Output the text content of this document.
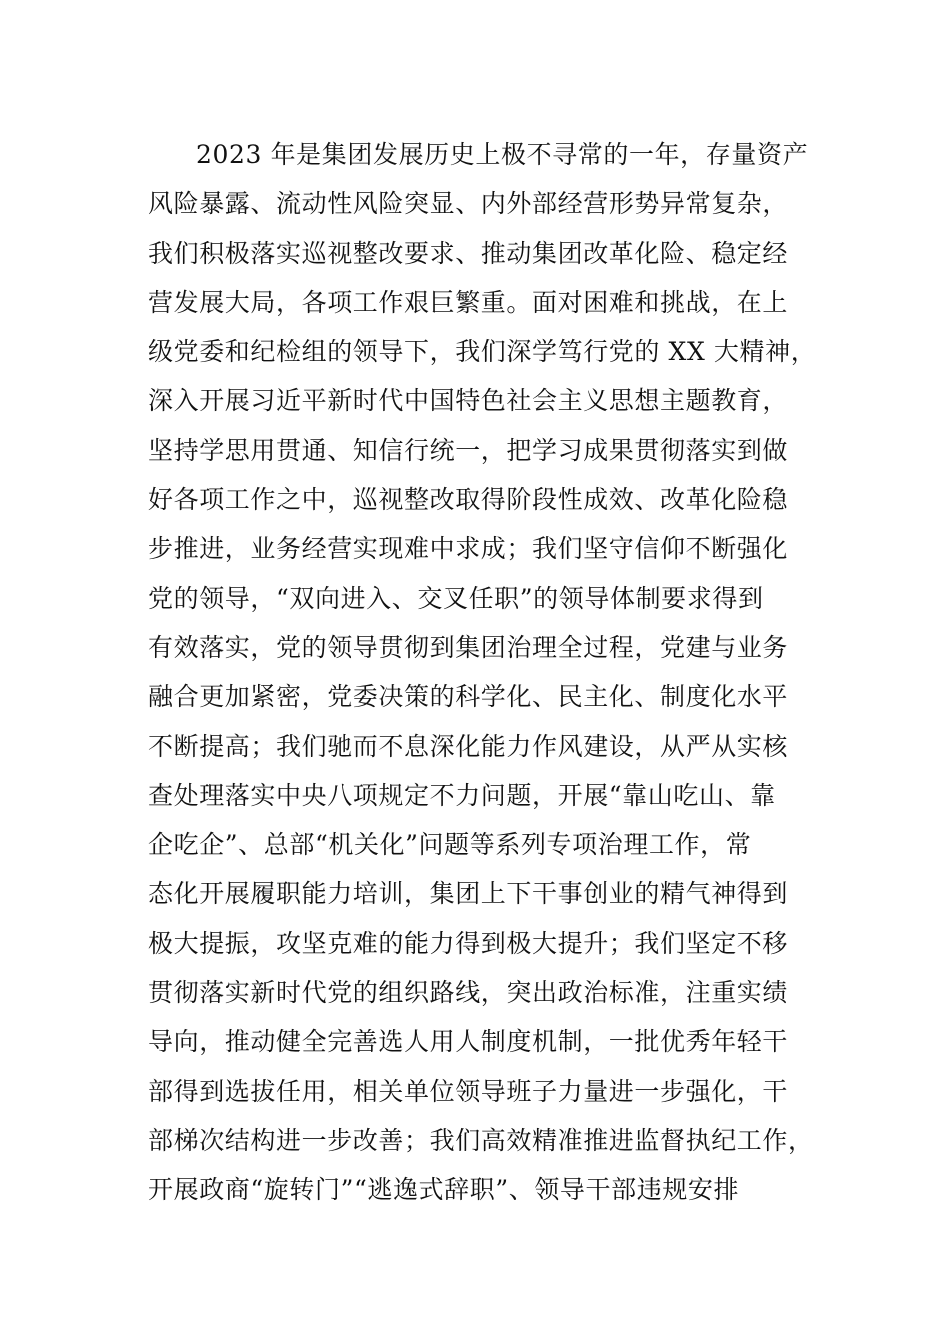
2023 年是集团发展历史上极不寻常的一年，存量资产
风险暴露、流动性风险突显、内外部经营形势异常复杂，
我们积极落实巡视整改要求、推动集团改革化险、稳定经
营发展大局，各项工作艰巨繁重。面对困难和挑战，在上
级党委和纪检组的领导下，我们深学笃行党的 XX 大精神，
深入开展习近平新时代中国特色社会主义思想主题教育，
坚持学思用贯通、知信行统一，把学习成果贯彻落实到做
好各项工作之中，巡视整改取得阶段性成效、改革化险稳
步推进，业务经营实现难中求成；我们坚守信仰不断强化
党的领导，“双向进入、交叉任职”的领导体制要求得到
有效落实，党的领导贯彻到集团治理全过程，党建与业务
融合更加紧密，党委决策的科学化、民主化、制度化水平
不断提高；我们驰而不息深化能力作风建设，从严从实核
查处理落实中央八项规定不力问题，开展“靠山吃山、靠
企吃企”、总部“机关化”问题等系列专项治理工作，常
态化开展履职能力培训，集团上下干事创业的精气神得到
极大提振，攻坚克难的能力得到极大提升；我们坚定不移
贯彻落实新时代党的组织路线，突出政治标准，注重实绩
导向，推动健全完善选人用人制度机制，一批优秀年轻干
部得到选拔任用，相关单位领导班子力量进一步强化，干
部梯次结构进一步改善；我们高效精准推进监督执纪工作，
开展政商“旋转门”“逃逸式辞职”、领导干部违规安排
